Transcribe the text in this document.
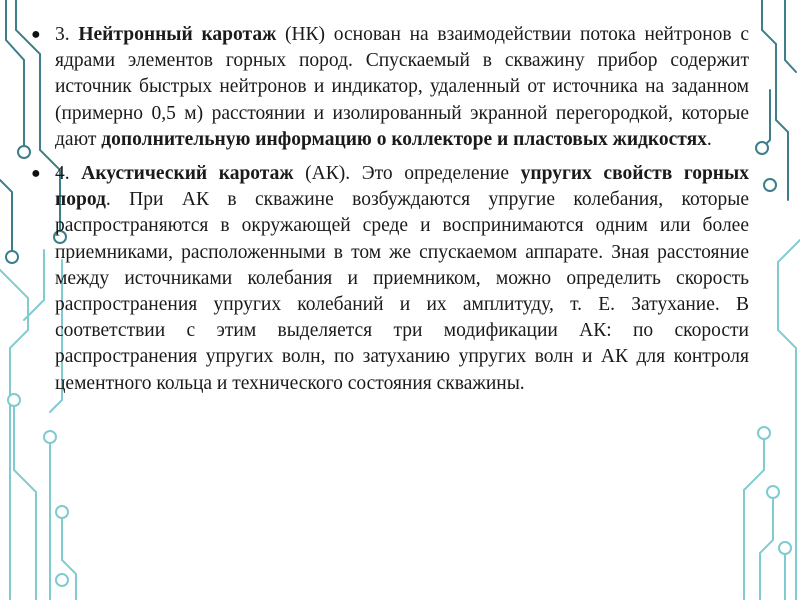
● 3. Нейтронный каротаж (НК) основан на взаимодействии потока нейтронов с ядрами элементов горных пород. Спускаемый в скважину прибор содержит источник быстрых нейтронов и индикатор, удаленный от источника на заданном (примерно 0,5 м) расстоянии и изолированный экранной перегородкой, которые дают дополнительную информацию о коллекторе и пластовых жидкостях.
● 4. Акустический каротаж (АК). Это определение упругих свойств горных пород. При АК в скважине возбуждаются упругие колебания, которые распространяются в окружающей среде и воспринимаются одним или более приемниками, расположенными в том же спускаемом аппарате. Зная расстояние между источниками колебания и приемником, можно определить скорость распространения упругих колебаний и их амплитуду, т. Е. Затухание. В соответствии с этим выделяется три модификации АК: по скорости распространения упругих волн, по затуханию упругих волн и АК для контроля цементного кольца и технического состояния скважины.
